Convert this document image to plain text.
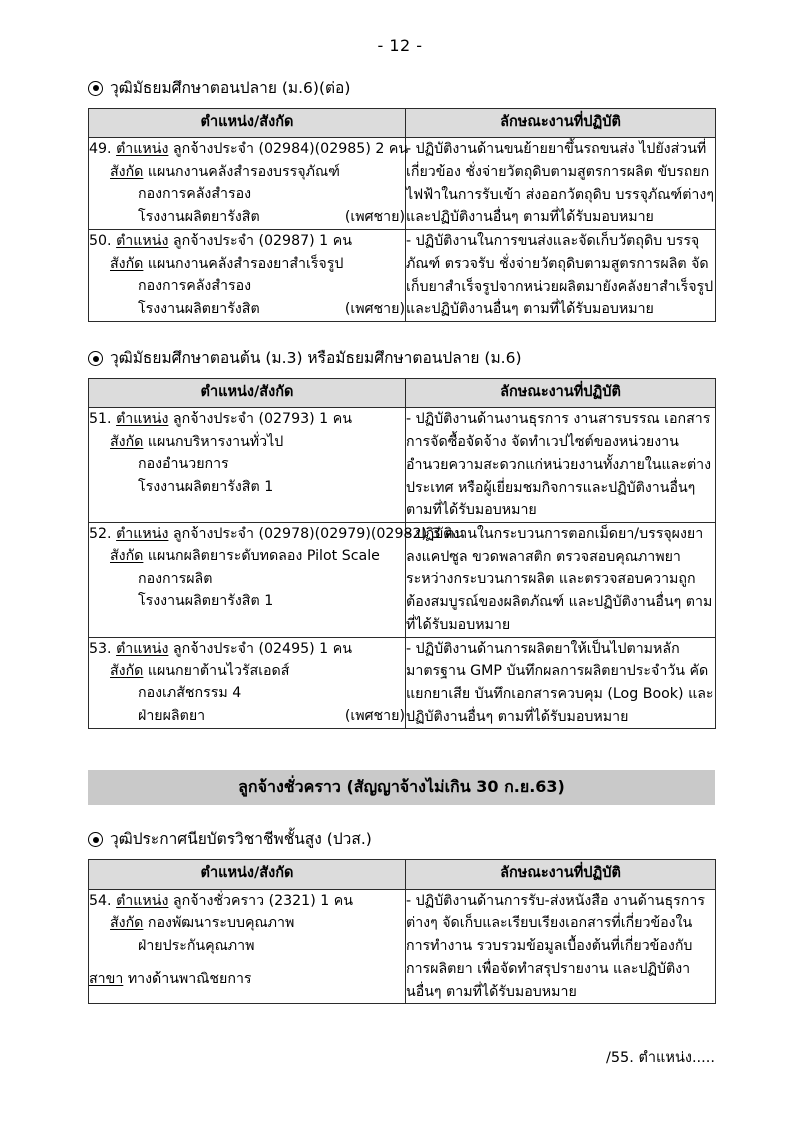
- 12 -
วุฒิมัธยมศึกษาตอนปลาย (ม.6)(ต่อ)
ตำแหน่ง/สังกัด	ลักษณะงานที่ปฏิบัติ

49. ตำแหน่ง ลูกจ้างประจำ (02984)(02985) 2 คน
สังกัด แผนกงานคลังสำรองบรรจุภัณฑ์
กองการคลังสำรอง
โรงงานผลิตยารังสิต (เพศชาย)	- ปฏิบัติงานด้านขนย้ายยาขึ้นรถขนส่ง ไปยังส่วนที่เกี่ยวข้อง ชั่งจ่ายวัตถุดิบตามสูตรการผลิต ขับรถยกไฟฟ้าในการรับเข้า ส่งออกวัตถุดิบ บรรจุภัณฑ์ต่างๆ และปฏิบัติงานอื่นๆ ตามที่ได้รับมอบหมาย

50. ตำแหน่ง ลูกจ้างประจำ (02987) 1 คน
สังกัด แผนกงานคลังสำรองยาสำเร็จรูป
กองการคลังสำรอง
โรงงานผลิตยารังสิต (เพศชาย)	- ปฏิบัติงานในการขนส่งและจัดเก็บวัตถุดิบ บรรจุภัณฑ์ ตรวจรับ ชั่งจ่ายวัตถุดิบตามสูตรการผลิต จัดเก็บยาสำเร็จรูปจากหน่วยผลิตมายังคลังยาสำเร็จรูป และปฏิบัติงานอื่นๆ ตามที่ได้รับมอบหมาย
วุฒิมัธยมศึกษาตอนต้น (ม.3) หรือมัธยมศึกษาตอนปลาย (ม.6)
ตำแหน่ง/สังกัด	ลักษณะงานที่ปฏิบัติ

51. ตำแหน่ง ลูกจ้างประจำ (02793) 1 คน
สังกัด แผนกบริหารงานทั่วไป
กองอำนวยการ
โรงงานผลิตยารังสิต 1	- ปฏิบัติงานด้านงานธุรการ งานสารบรรณ เอกสารการจัดซื้อจัดจ้าง จัดทำเวปไซต์ของหน่วยงาน อำนวยความสะดวกแก่หน่วยงานทั้งภายในและต่างประเทศ หรือผู้เยี่ยมชมกิจการและปฏิบัติงานอื่นๆ ตามที่ได้รับมอบหมาย

52. ตำแหน่ง ลูกจ้างประจำ (02978)(02979)(02982) 3 คน
สังกัด แผนกผลิตยาระดับทดลอง Pilot Scale
กองการผลิต
โรงงานผลิตยารังสิต 1	- ปฏิบัติงานในกระบวนการตอกเม็ดยา/บรรจุผงยาลงแคปซูล ขวดพลาสติก ตรวจสอบคุณภาพยาระหว่างกระบวนการผลิต และตรวจสอบความถูกต้องสมบูรณ์ของผลิตภัณฑ์ และปฏิบัติงานอื่นๆ ตามที่ได้รับมอบหมาย

53. ตำแหน่ง ลูกจ้างประจำ (02495) 1 คน
สังกัด แผนกยาต้านไวรัสเอดส์
กองเภสัชกรรม 4
ฝ่ายผลิตยา (เพศชาย)	- ปฏิบัติงานด้านการผลิตยาให้เป็นไปตามหลักมาตรฐาน GMP บันทึกผลการผลิตยาประจำวัน คัดแยกยาเสีย บันทึกเอกสารควบคุม (Log Book) และปฏิบัติงานอื่นๆ ตามที่ได้รับมอบหมาย
ลูกจ้างชั่วคราว (สัญญาจ้างไม่เกิน 30 ก.ย.63)
วุฒิประกาศนียบัตรวิชาชีพชั้นสูง (ปวส.)
ตำแหน่ง/สังกัด	ลักษณะงานที่ปฏิบัติ

54. ตำแหน่ง ลูกจ้างชั่วคราว (2321) 1 คน
สังกัด กองพัฒนาระบบคุณภาพ
ฝ่ายประกันคุณภาพ
สาขา ทางด้านพาณิชยการ

- ปฏิบัติงานด้านการรับ-ส่งหนังสือ งานด้านธุรการต่างๆ จัดเก็บและเรียบเรียงเอกสารที่เกี่ยวข้องในการทำงาน รวบรวมข้อมูลเบื้องต้นที่เกี่ยวข้องกับการผลิตยา เพื่อจัดทำสรุปรายงาน และปฏิบัติงานอื่นๆ ตามที่ได้รับมอบหมาย
/55. ตำแหน่ง.....
